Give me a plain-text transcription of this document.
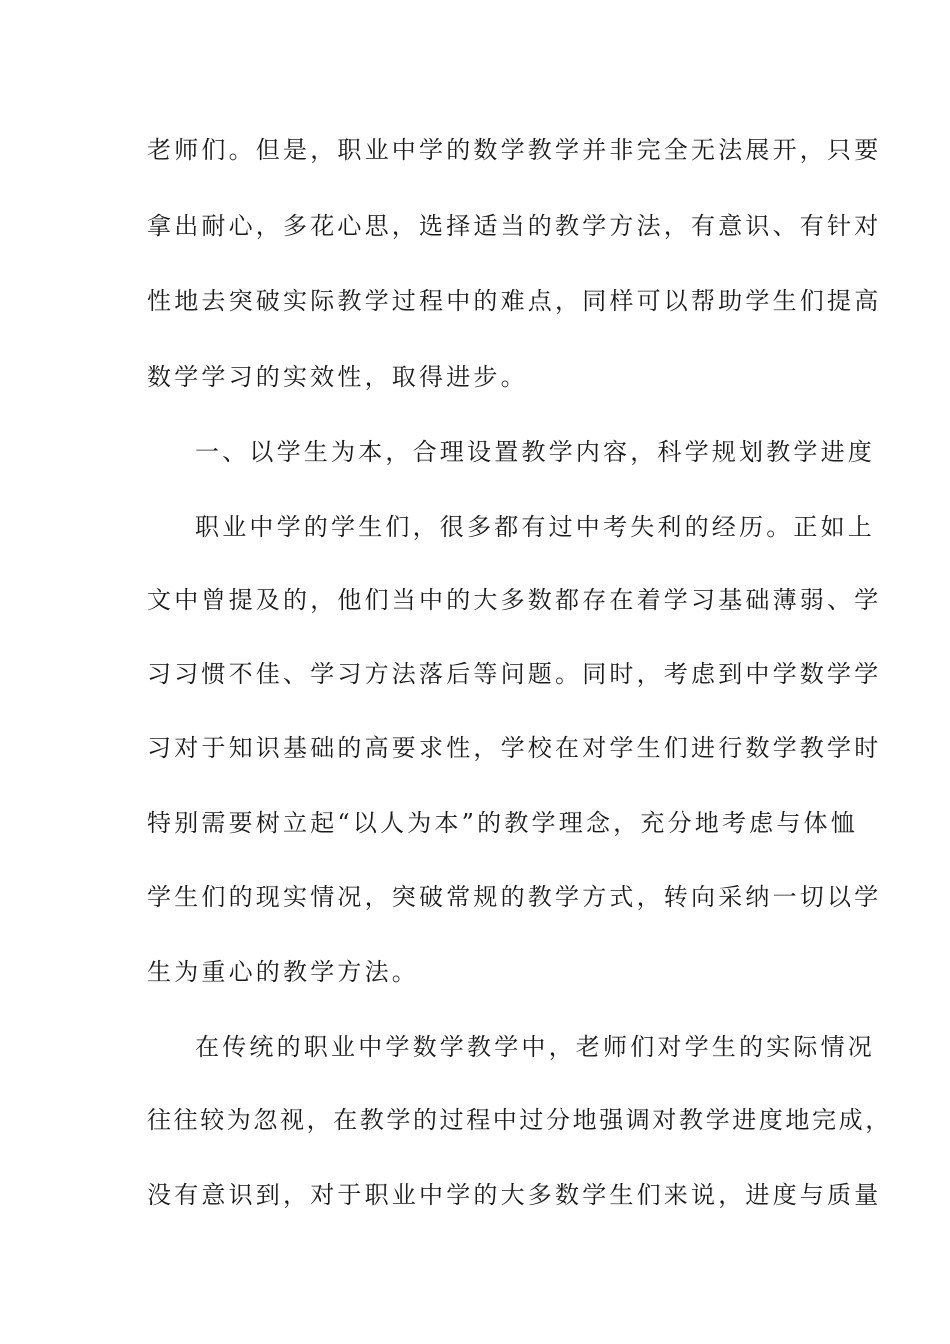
老师们。但是，职业中学的数学教学并非完全无法展开，只要
拿出耐心，多花心思，选择适当的教学方法，有意识、有针对
性地去突破实际教学过程中的难点，同样可以帮助学生们提高
数学学习的实效性，取得进步。
一、以学生为本，合理设置教学内容，科学规划教学进度
职业中学的学生们，很多都有过中考失利的经历。正如上
文中曾提及的，他们当中的大多数都存在着学习基础薄弱、学
习习惯不佳、学习方法落后等问题。同时，考虑到中学数学学
习对于知识基础的高要求性，学校在对学生们进行数学教学时
特别需要树立起“以人为本”的教学理念，充分地考虑与体恤
学生们的现实情况，突破常规的教学方式，转向采纳一切以学
生为重心的教学方法。
在传统的职业中学数学教学中，老师们对学生的实际情况
往往较为忽视，在教学的过程中过分地强调对教学进度地完成，
没有意识到，对于职业中学的大多数学生们来说，进度与质量
